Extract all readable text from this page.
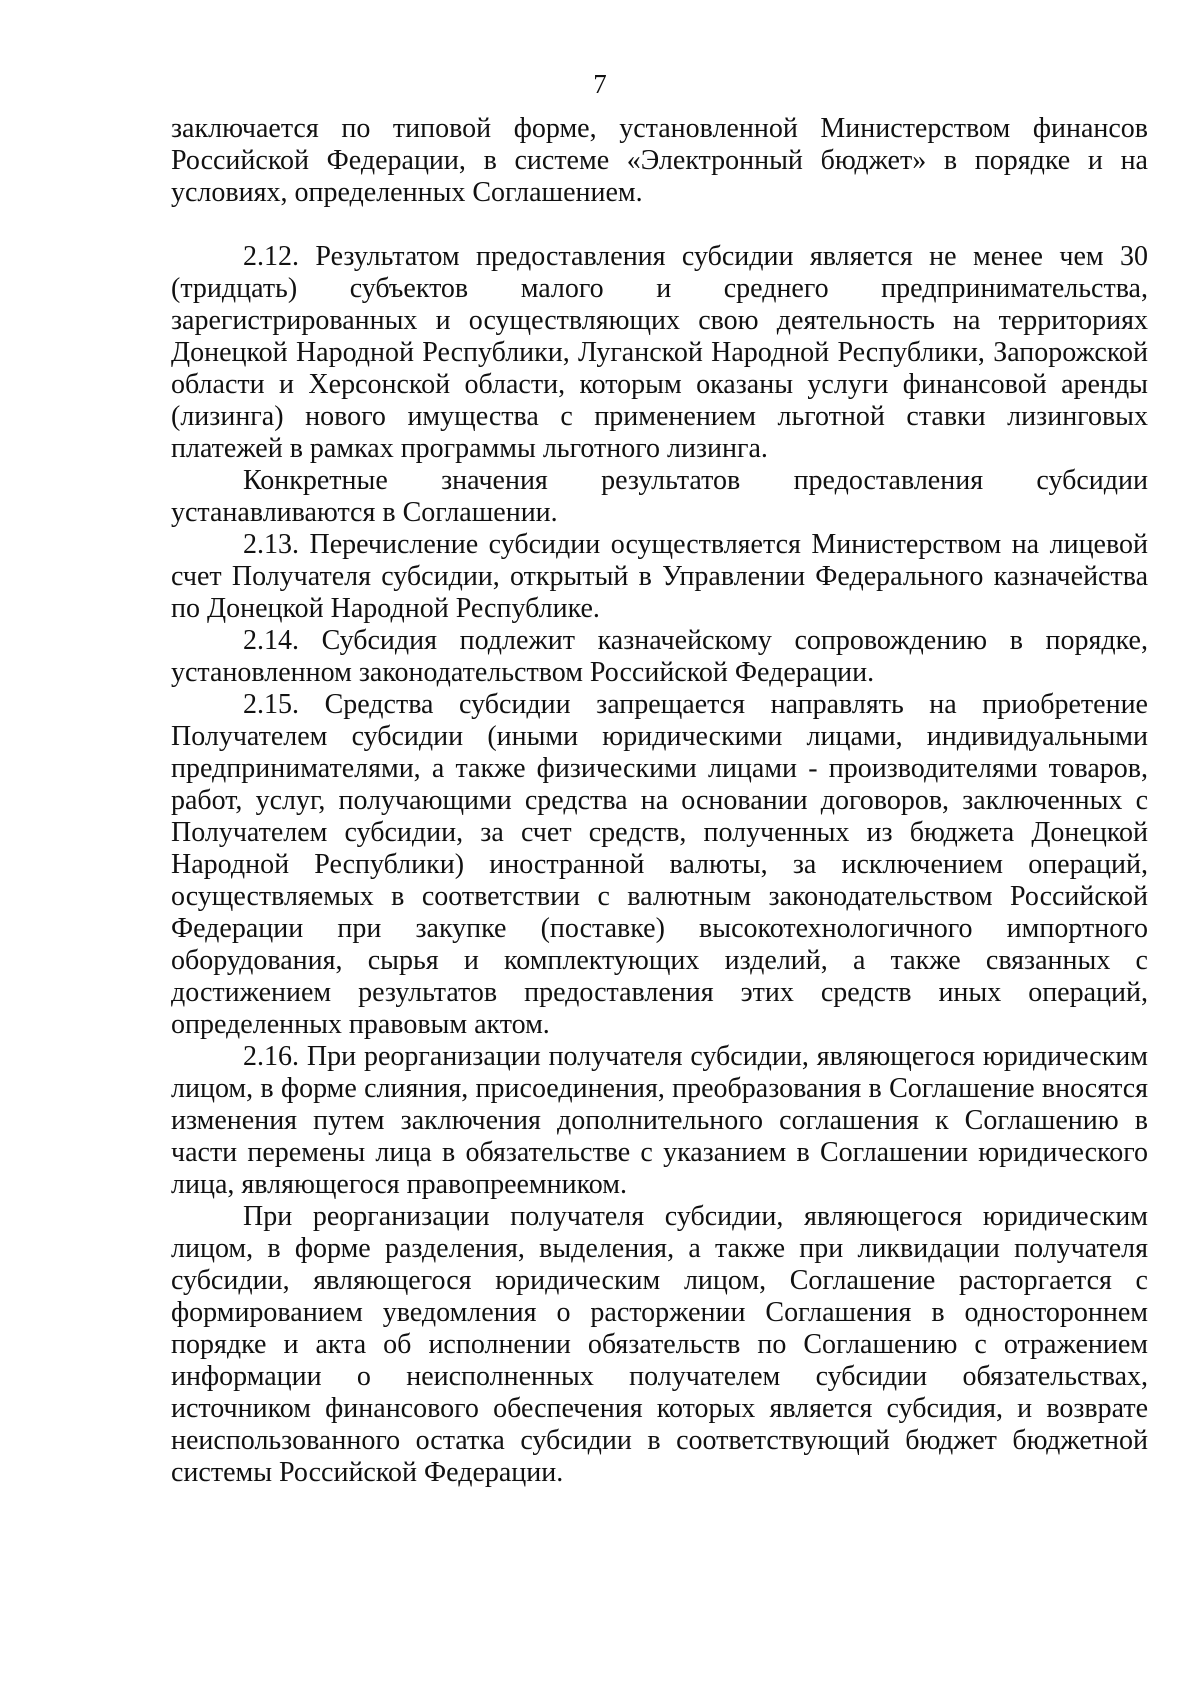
7

заключается по типовой форме, установленной Министерством финансов Российской Федерации, в системе «Электронный бюджет» в порядке и на условиях, определенных Соглашением.

2.12. Результатом предоставления субсидии является не менее чем 30 (тридцать) субъектов малого и среднего предпринимательства, зарегистрированных и осуществляющих свою деятельность на территориях Донецкой Народной Республики, Луганской Народной Республики, Запорожской области и Херсонской области, которым оказаны услуги финансовой аренды (лизинга) нового имущества с применением льготной ставки лизинговых платежей в рамках программы льготного лизинга.

Конкретные значения результатов предоставления субсидии устанавливаются в Соглашении.

2.13. Перечисление субсидии осуществляется Министерством на лицевой счет Получателя субсидии, открытый в Управлении Федерального казначейства по Донецкой Народной Республике.

2.14. Субсидия подлежит казначейскому сопровождению в порядке, установленном законодательством Российской Федерации.

2.15. Средства субсидии запрещается направлять на приобретение Получателем субсидии (иными юридическими лицами, индивидуальными предпринимателями, а также физическими лицами - производителями товаров, работ, услуг, получающими средства на основании договоров, заключенных с Получателем субсидии, за счет средств, полученных из бюджета Донецкой Народной Республики) иностранной валюты, за исключением операций, осуществляемых в соответствии с валютным законодательством Российской Федерации при закупке (поставке) высокотехнологичного импортного оборудования, сырья и комплектующих изделий, а также связанных с достижением результатов предоставления этих средств иных операций, определенных правовым актом.

2.16. При реорганизации получателя субсидии, являющегося юридическим лицом, в форме слияния, присоединения, преобразования в Соглашение вносятся изменения путем заключения дополнительного соглашения к Соглашению в части перемены лица в обязательстве с указанием в Соглашении юридического лица, являющегося правопреемником.

При реорганизации получателя субсидии, являющегося юридическим лицом, в форме разделения, выделения, а также при ликвидации получателя субсидии, являющегося юридическим лицом, Соглашение расторгается с формированием уведомления о расторжении Соглашения в одностороннем порядке и акта об исполнении обязательств по Соглашению с отражением информации о неисполненных получателем субсидии обязательствах, источником финансового обеспечения которых является субсидия, и возврате неиспользованного остатка субсидии в соответствующий бюджет бюджетной системы Российской Федерации.
